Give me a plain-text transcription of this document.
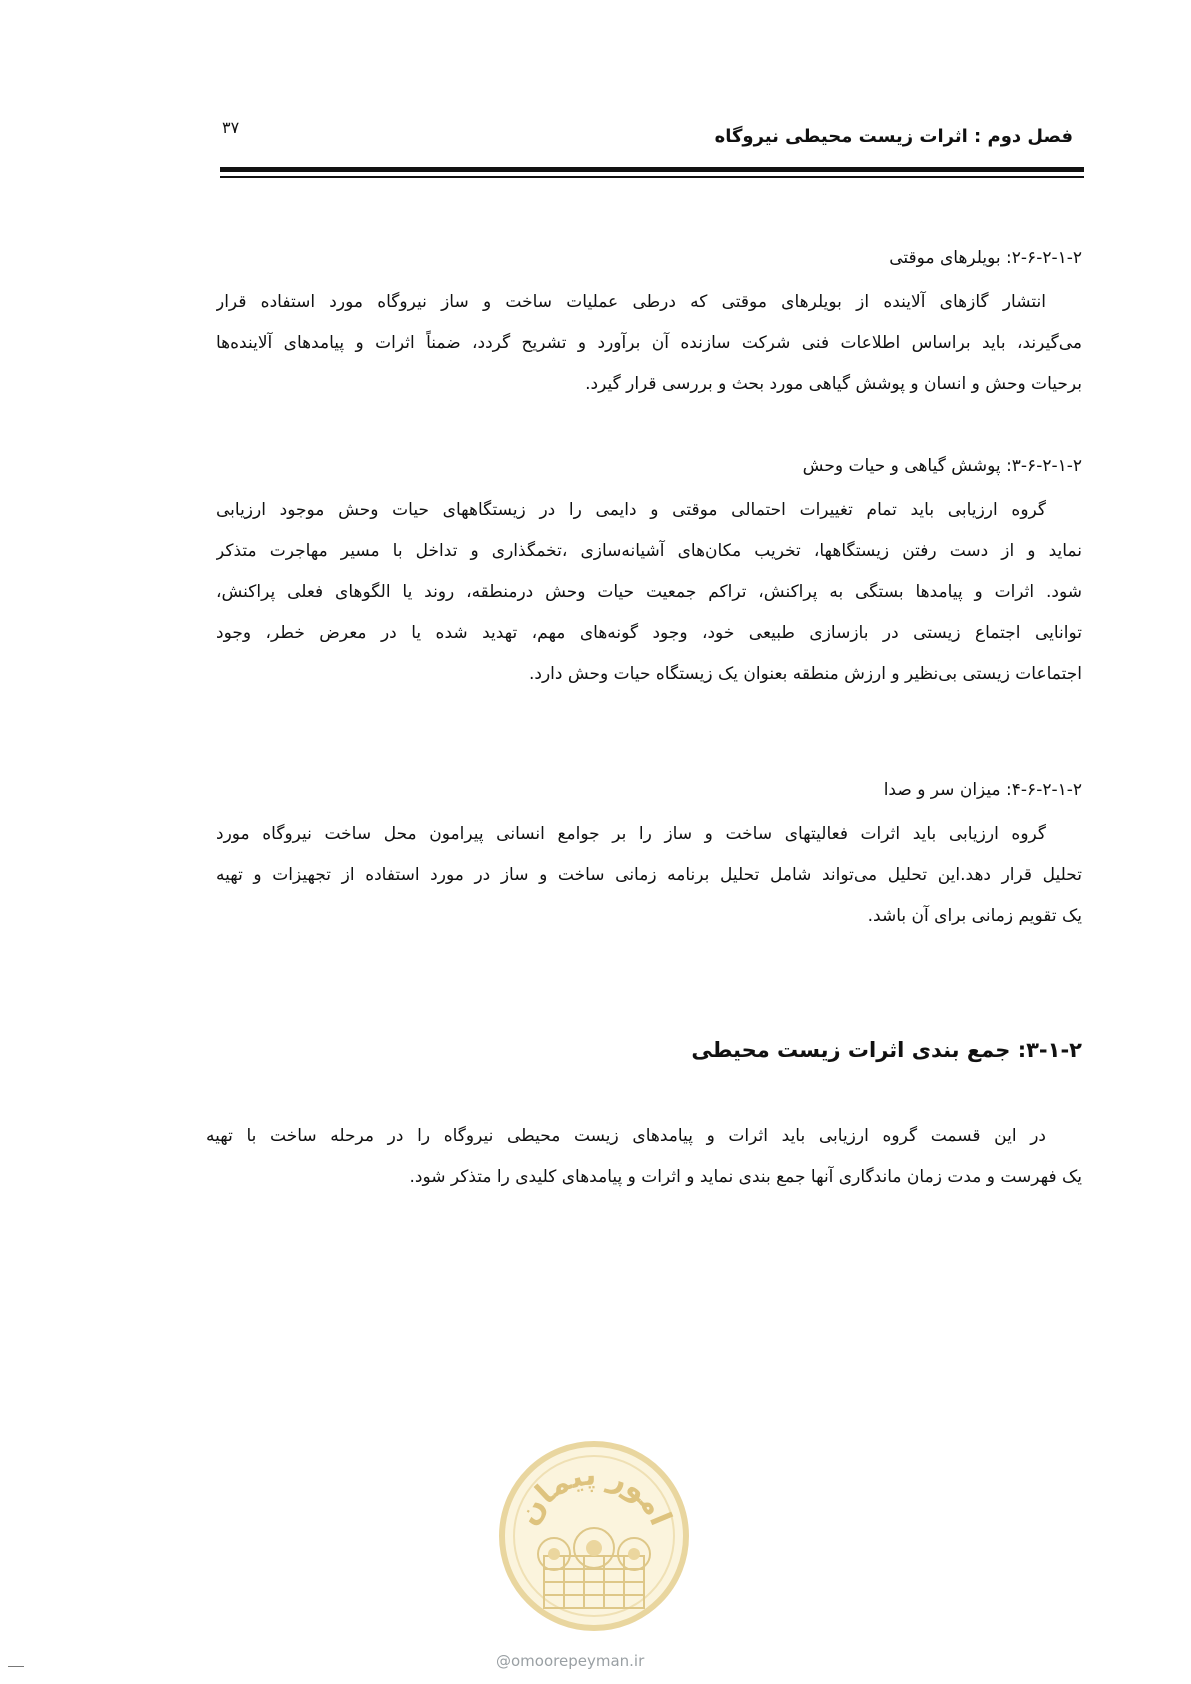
فصل دوم : اثرات زیست محیطی نیروگاه
۳۷
۲-۶-۲-۱-۲: بویلرهای موقتی
انتشار گازهای آلاینده از بویلرهای موقتی که درطی عملیات ساخت و ساز نیروگاه مورد استفاده قرار
می‌گیرند، باید براساس اطلاعات فنی شرکت سازنده آن برآورد و تشریح گردد، ضمناً اثرات و پیامدهای آلاینده‌ها
برحیات وحش و انسان و پوشش گیاهی مورد بحث و بررسی قرار گیرد.
۳-۶-۲-۱-۲: پوشش گیاهی و حیات وحش
گروه ارزیابی باید تمام تغییرات احتمالی موقتی و دایمی را در زیستگاههای حیات وحش موجود ارزیابی
نماید و از دست رفتن زیستگاهها، تخریب مکان‌های آشیانه‌سازی ،تخمگذاری و تداخل با مسیر مهاجرت متذکر
شود. اثرات و پیامدها بستگی به پراکنش، تراکم جمعیت حیات وحش درمنطقه، روند یا الگوهای فعلی پراکنش،
توانایی اجتماع زیستی در بازسازی طبیعی خود، وجود گونه‌های مهم، تهدید شده یا در معرض خطر، وجود
اجتماعات زیستی بی‌نظیر و ارزش منطقه بعنوان یک زیستگاه حیات وحش دارد.
۴-۶-۲-۱-۲: میزان سر و صدا
گروه ارزیابی باید اثرات فعالیتهای ساخت و ساز را بر جوامع انسانی پیرامون محل ساخت نیروگاه مورد
تحلیل قرار دهد.این تحلیل می‌تواند شامل تحلیل برنامه زمانی ساخت و ساز در مورد استفاده از تجهیزات و تهیه
یک تقویم زمانی برای آن باشد.
۳-۱-۲: جمع بندی اثرات زیست محیطی
در این قسمت گروه ارزیابی باید اثرات و پیامدهای زیست محیطی نیروگاه را در مرحله ساخت با تهیه
یک فهرست و مدت زمان ماندگاری آنها جمع بندی نماید و اثرات و پیامدهای کلیدی را متذکر شود.
امور پیمان
@omoorepeyman.ir
